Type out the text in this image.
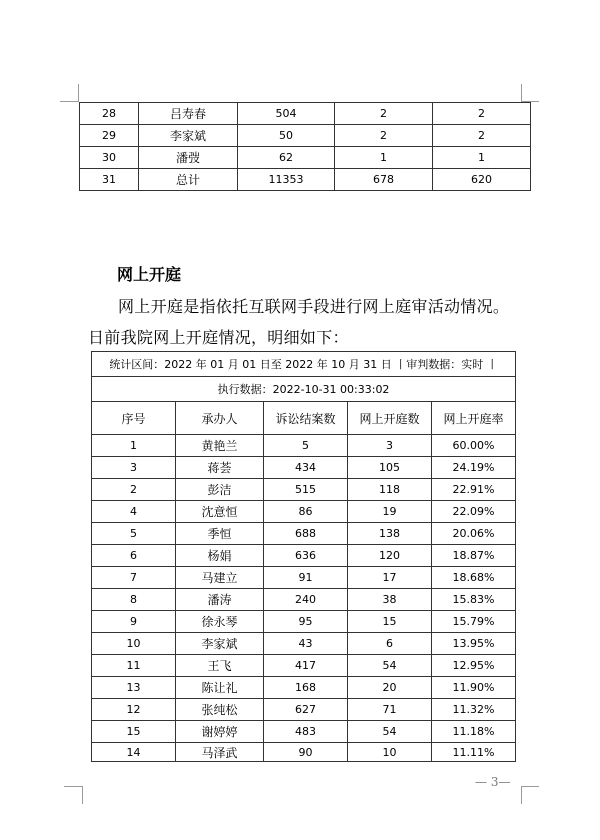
28	吕寿春	504	2	2
29	李家斌	50	2	2
30	潘弢	62	1	1
31	总计	11353	678	620
网上开庭
网上开庭是指依托互联网手段进行网上庭审活动情况。
日前我院网上开庭情况，明细如下：
统计区间：2022 年 01 月 01 日至 2022 年 10 月 31 日 丨审判数据：实时 丨				
执行数据：2022-10-31 00:33:02				
序号	承办人	诉讼结案数	网上开庭数	网上开庭率
1	黄艳兰	5	3	60.00%
3	蒋荟	434	105	24.19%
2	彭洁	515	118	22.91%
4	沈意恒	86	19	22.09%
5	季恒	688	138	20.06%
6	杨娟	636	120	18.87%
7	马建立	91	17	18.68%
8	潘涛	240	38	15.83%
9	徐永琴	95	15	15.79%
10	李家斌	43	6	13.95%
11	王飞	417	54	12.95%
13	陈让礼	168	20	11.90%
12	张纯松	627	71	11.32%
15	谢婷婷	483	54	11.18%
14	马泽武	90	10	11.11%
— 3—
